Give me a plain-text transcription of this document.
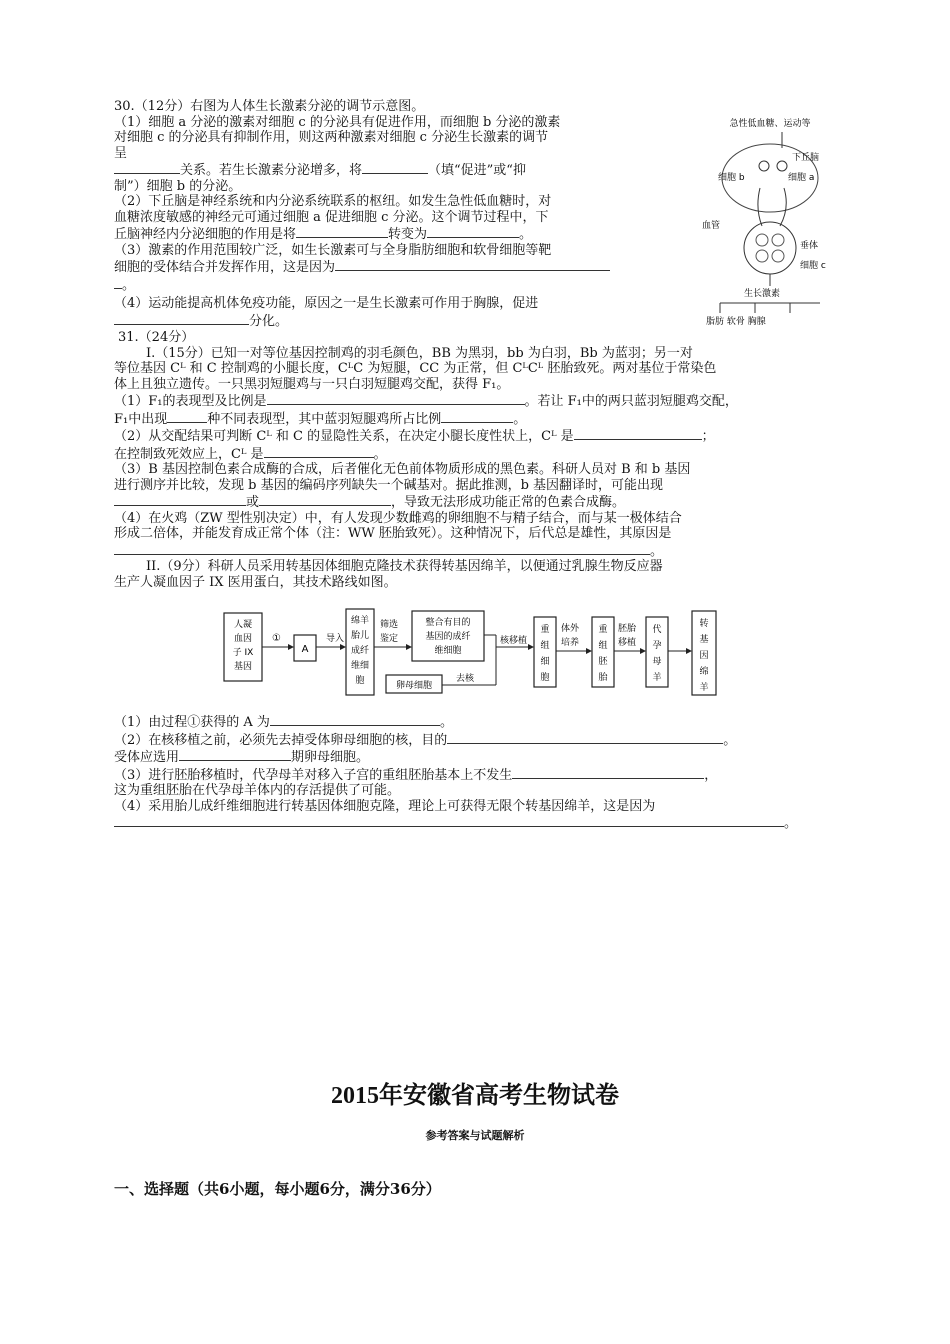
30.（12分）右图为人体生长激素分泌的调节示意图。

（1）细胞 a 分泌的激素对细胞 c 的分泌具有促进作用，而细胞 b 分泌的激素

对细胞 c 的分泌具有抑制作用，则这两种激素对细胞 c 分泌生长激素的调节

呈

关系。若生长激素分泌增多，将	（填“促进”或“抑

制”）细胞 b 的分泌。

（2）下丘脑是神经系统和内分泌系统联系的枢纽。如发生急性低血糖时，对

血糖浓度敏感的神经元可通过细胞 a 促进细胞 c 分泌。这个调节过程中，下

丘脑神经内分泌细胞的作用是将	转变为	。

（3）激素的作用范围较广泛，如生长激素可与全身脂肪细胞和软骨细胞等靶

细胞的受体结合并发挥作用，这是因为

。

（4）运动能提高机体免疫功能，原因之一是生长激素可作用于胸腺，促进

分化。

急性低血糖、运动等
下丘脑
细胞 b	细胞 a
血管
垂体
细胞 c
生长激素
脂肪 软骨 胸腺

31.（24分）

I.（15分）已知一对等位基因控制鸡的羽毛颜色，BB 为黑羽，bb 为白羽，Bb 为蓝羽；另一对

等位基因 Cᴸ 和 C 控制鸡的小腿长度，CᴸC 为短腿，CC 为正常，但 CᴸCᴸ 胚胎致死。两对基位于常染色

体上且独立遗传。一只黑羽短腿鸡与一只白羽短腿鸡交配，获得 F₁。

（1）F₁的表现型及比例是	。若让 F₁中的两只蓝羽短腿鸡交配，

F₁中出现	种不同表现型，其中蓝羽短腿鸡所占比例	。

（2）从交配结果可判断 Cᴸ 和 C 的显隐性关系，在决定小腿长度性状上，Cᴸ 是	；

在控制致死效应上，Cᴸ 是	。

（3）B 基因控制色素合成酶的合成，后者催化无色前体物质形成的黑色素。科研人员对 B 和 b 基因

进行测序并比较，发现 b 基因的编码序列缺失一个碱基对。据此推测，b 基因翻译时，可能出现

或	，导致无法形成功能正常的色素合成酶。

（4）在火鸡（ZW 型性别决定）中，有人发现少数雌鸡的卵细胞不与精子结合，而与某一极体结合

形成二倍体，并能发育成正常个体（注：WW 胚胎致死）。这种情况下，后代总是雄性，其原因是

。

II.（9分）科研人员采用转基因体细胞克隆技术获得转基因绵羊，以便通过乳腺生物反应器

生产人凝血因子 IX 医用蛋白，其技术路线如图。

人凝
血因
子 IX
基因
①
A
导入
绵羊
胎儿
成纤
维细
胞
筛选
鉴定
整合有目的
基因的成纤
维细胞
卵母细胞
去核
核移植
重
组
细
胞
体外
培养
重
组
胚
胎
胚胎
移植
代
孕
母
羊
转
基
因
绵
羊

（1）由过程①获得的 A 为	。

（2）在核移植之前，必须先去掉受体卵母细胞的核，目的	。

受体应选用	期卵母细胞。

（3）进行胚胎移植时，代孕母羊对移入子宫的重组胚胎基本上不发生	，

这为重组胚胎在代孕母羊体内的存活提供了可能。

（4）采用胎儿成纤维细胞进行转基因体细胞克隆，理论上可获得无限个转基因绵羊，这是因为

。

2015年安徽省高考生物试卷
参考答案与试题解析
一、选择题（共6小题，每小题6分，满分36分）
